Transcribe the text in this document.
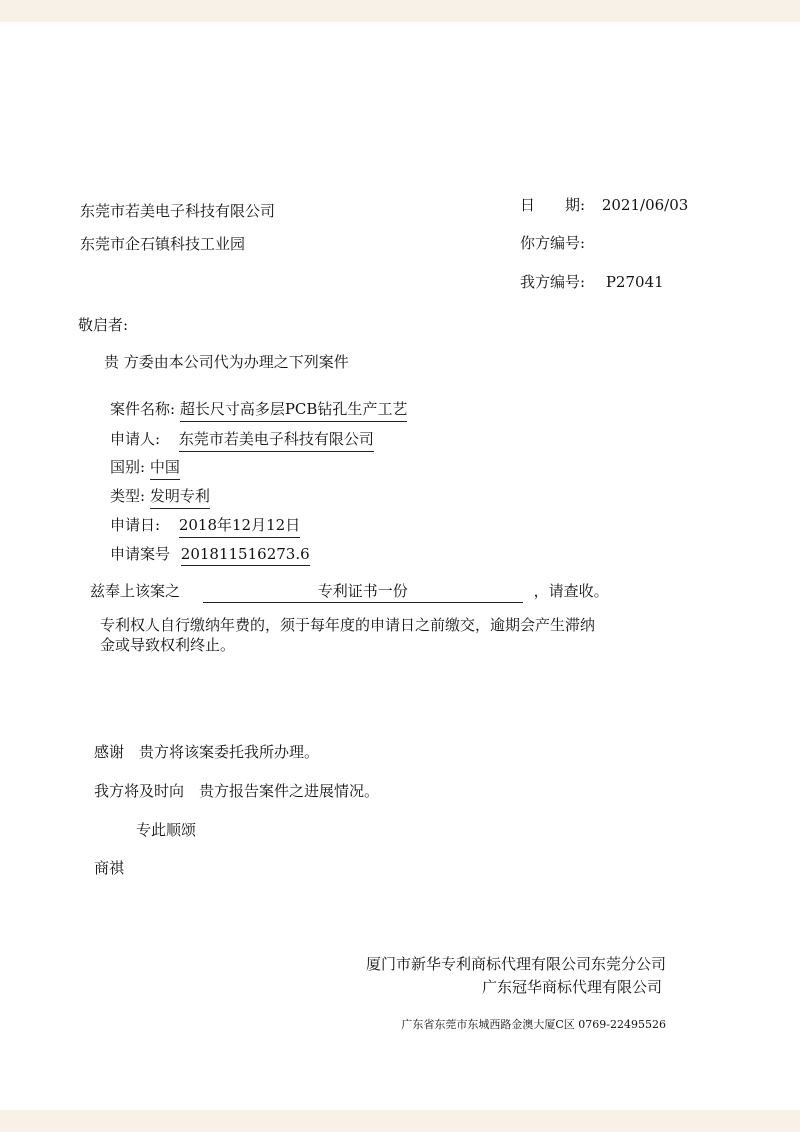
东莞市若美电子科技有限公司
东莞市企石镇科技工业园
日　　期: 2021/06/03
你方编号:
我方编号: P27041
敬启者:
贵 方委由本公司代为办理之下列案件
案件名称: 超长尺寸高多层PCB钻孔生产工艺
申请人: 东莞市若美电子科技有限公司
国别: 中国
类型: 发明专利
申请日: 2018年12月12日
申请案号 201811516273.6
兹奉上该案之	专利证书一份	，请查收。
专利权人自行缴纳年费的，须于每年度的申请日之前缴交，逾期会产生滞纳
金或导致权利终止。
感谢　贵方将该案委托我所办理。
我方将及时向　贵方报告案件之进展情况。
专此顺颂
商祺
厦门市新华专利商标代理有限公司东莞分公司
广东冠华商标代理有限公司
广东省东莞市东城西路金澳大厦C区 0769-22495526
